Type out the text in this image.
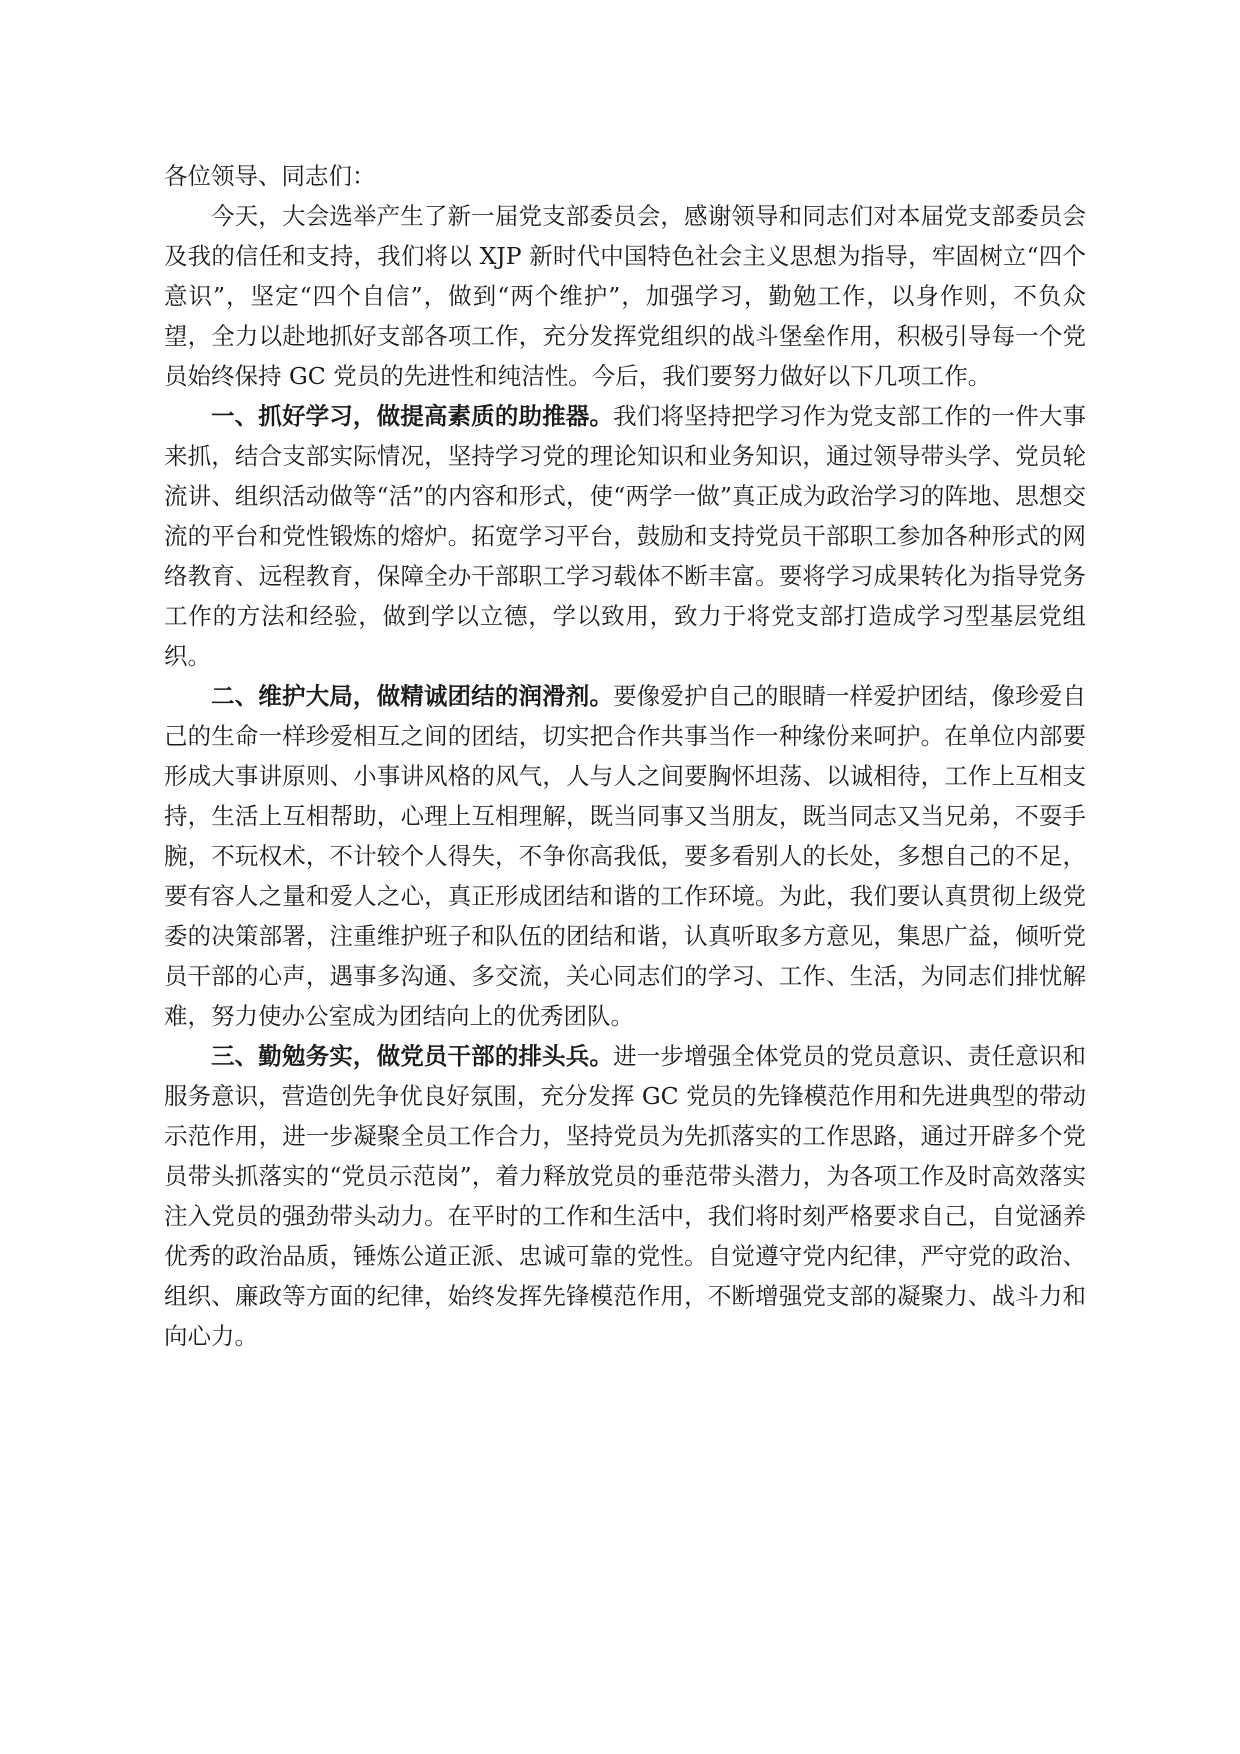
各位领导、同志们：

今天，大会选举产生了新一届党支部委员会，感谢领导和同志们对本届党支部委员会及我的信任和支持，我们将以 XJP 新时代中国特色社会主义思想为指导，牢固树立“四个意识”，坚定“四个自信”，做到“两个维护”，加强学习，勤勉工作，以身作则，不负众望，全力以赴地抓好支部各项工作，充分发挥党组织的战斗堡垒作用，积极引导每一个党员始终保持 GC 党员的先进性和纯洁性。今后，我们要努力做好以下几项工作。

一、抓好学习，做提高素质的助推器。我们将坚持把学习作为党支部工作的一件大事来抓，结合支部实际情况，坚持学习党的理论知识和业务知识，通过领导带头学、党员轮流讲、组织活动做等“活”的内容和形式，使“两学一做”真正成为政治学习的阵地、思想交流的平台和党性锻炼的熔炉。拓宽学习平台，鼓励和支持党员干部职工参加各种形式的网络教育、远程教育，保障全办干部职工学习载体不断丰富。要将学习成果转化为指导党务工作的方法和经验，做到学以立德，学以致用，致力于将党支部打造成学习型基层党组织。

二、维护大局，做精诚团结的润滑剂。要像爱护自己的眼睛一样爱护团结，像珍爱自己的生命一样珍爱相互之间的团结，切实把合作共事当作一种缘份来呵护。在单位内部要形成大事讲原则、小事讲风格的风气，人与人之间要胸怀坦荡、以诚相待，工作上互相支持，生活上互相帮助，心理上互相理解，既当同事又当朋友，既当同志又当兄弟，不耍手腕，不玩权术，不计较个人得失，不争你高我低，要多看别人的长处，多想自己的不足，要有容人之量和爱人之心，真正形成团结和谐的工作环境。为此，我们要认真贯彻上级党委的决策部署，注重维护班子和队伍的团结和谐，认真听取多方意见，集思广益，倾听党员干部的心声，遇事多沟通、多交流，关心同志们的学习、工作、生活，为同志们排忧解难，努力使办公室成为团结向上的优秀团队。

三、勤勉务实，做党员干部的排头兵。进一步增强全体党员的党员意识、责任意识和服务意识，营造创先争优良好氛围，充分发挥 GC 党员的先锋模范作用和先进典型的带动示范作用，进一步凝聚全员工作合力，坚持党员为先抓落实的工作思路，通过开辟多个党员带头抓落实的“党员示范岗”，着力释放党员的垂范带头潜力，为各项工作及时高效落实注入党员的强劲带头动力。在平时的工作和生活中，我们将时刻严格要求自己，自觉涵养优秀的政治品质，锤炼公道正派、忠诚可靠的党性。自觉遵守党内纪律，严守党的政治、组织、廉政等方面的纪律，始终发挥先锋模范作用，不断增强党支部的凝聚力、战斗力和向心力。
